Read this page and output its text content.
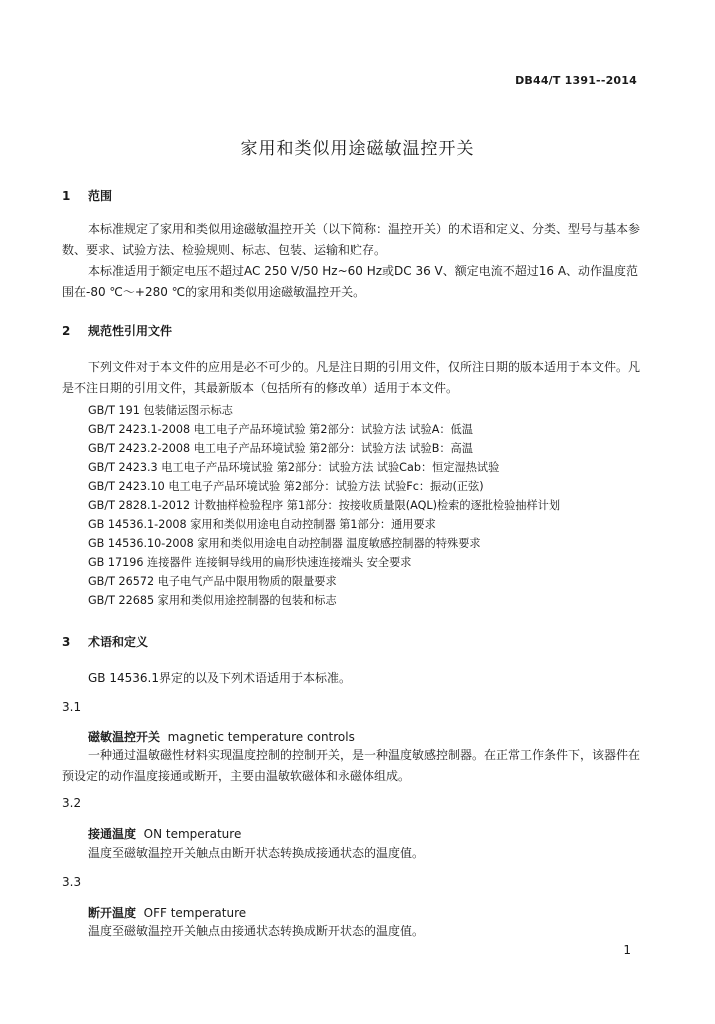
DB44/T 1391--2014
家用和类似用途磁敏温控开关
1 范围
本标准规定了家用和类似用途磁敏温控开关（以下简称：温控开关）的术语和定义、分类、型号与基本参数、要求、试验方法、检验规则、标志、包装、运输和贮存。
本标准适用于额定电压不超过AC 250 V/50 Hz~60 Hz或DC 36 V、额定电流不超过16 A、动作温度范围在-80 ℃～+280 ℃的家用和类似用途磁敏温控开关。
2 规范性引用文件
下列文件对于本文件的应用是必不可少的。凡是注日期的引用文件，仅所注日期的版本适用于本文件。凡是不注日期的引用文件，其最新版本（包括所有的修改单）适用于本文件。
GB/T 191 包装储运图示标志
GB/T 2423.1-2008 电工电子产品环境试验 第2部分：试验方法 试验A：低温
GB/T 2423.2-2008 电工电子产品环境试验 第2部分：试验方法 试验B：高温
GB/T 2423.3 电工电子产品环境试验 第2部分：试验方法 试验Cab：恒定湿热试验
GB/T 2423.10 电工电子产品环境试验 第2部分：试验方法 试验Fc：振动(正弦)
GB/T 2828.1-2012 计数抽样检验程序 第1部分：按接收质量限(AQL)检索的逐批检验抽样计划
GB 14536.1-2008 家用和类似用途电自动控制器 第1部分：通用要求
GB 14536.10-2008 家用和类似用途电自动控制器 温度敏感控制器的特殊要求
GB 17196 连接器件 连接铜导线用的扁形快速连接端头 安全要求
GB/T 26572 电子电气产品中限用物质的限量要求
GB/T 22685 家用和类似用途控制器的包装和标志
3 术语和定义
GB 14536.1界定的以及下列术语适用于本标准。
3.1
磁敏温控开关 magnetic temperature controls
一种通过温敏磁性材料实现温度控制的控制开关，是一种温度敏感控制器。在正常工作条件下，该器件在预设定的动作温度接通或断开，主要由温敏软磁体和永磁体组成。
3.2
接通温度 ON temperature
温度至磁敏温控开关触点由断开状态转换成接通状态的温度值。
3.3
断开温度 OFF temperature
温度至磁敏温控开关触点由接通状态转换成断开状态的温度值。
1
